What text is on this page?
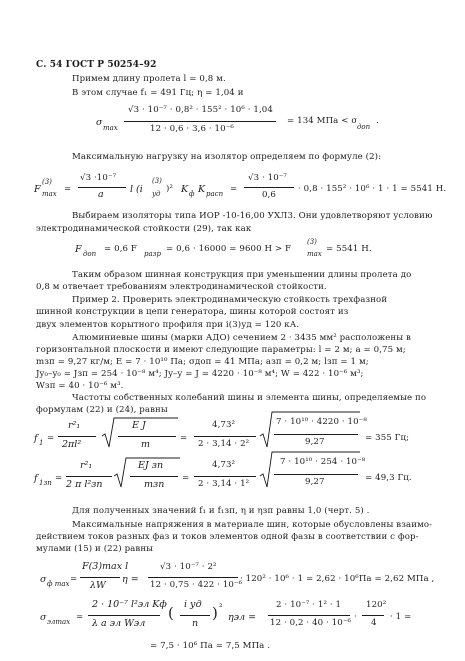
С. 54 ГОСТ Р 50254–92
Примем длину пролета l = 0,8 м.
В этом случае f₁ = 491 Гц; η = 1,04 и
σ max
√3 · 10⁻⁷ · 0,8² · 155² · 10⁶ · 1,04
12 · 0,6 · 3,6 · 10⁻⁶
= 134 МПа < σ
доп
.
Максимальную нагрузку на изолятор определяем по формуле (2):
F
(3)
max =
√3 ·10⁻⁷
a	l (i
(3)
уд )² K ф K расп =
√3 · 10⁻⁷
0,6
· 0,8 · 155² · 10⁶ · 1 · 1 = 5541 Н.
Выбираем изоляторы типа ИОР -10-16,00 УХЛ3. Они удовлетворяют условию
электродинамической стойкости (29), так как
F доп = 0,6 F разр = 0,6 · 16000 = 9600 Н > F
(3)
max = 5541 Н.
Таким образом шинная конструкция при уменьшении длины пролета до
0,8 м отвечает требованиям электродинамической стойкости.
Пример 2. Проверить электродинамическую стойкость трехфазной
шинной конструкции в цепи генератора, шины которой состоят из
двух элементов корытного профиля при i(3)уд = 120 кА.
Алюминиевые шины (марки АДО) сечением 2 · 3435 мм² расположены в
горизонтальной плоскости и имеют следующие параметры: l = 2 м; a = 0,75 м;
mзп = 9,27 кг/м; E = 7 · 10¹⁰ Па; σдоп = 41 МПа; aзп = 0,2 м; lзп = 1 м;
Jy₀–y₀ = Jзп = 254 · 10⁻⁸ м⁴; Jy–y = J = 4220 · 10⁻⁸ м⁴; W = 422 · 10⁻⁶ м³;
Wзп = 40 · 10⁻⁶ м³.
Частоты собственных колебаний шины и элемента шины, определяемые по
формулам (22) и (24), равны
f 1 =
r²₁
2πl²
E J
m
=
4,73²
2 · 3,14 · 2²
7 · 10¹⁰ · 4220 · 10⁻⁸
9,27	= 355 Гц;
f 1зп =
r²₁
2 π l²зп
EJ зп
mзп
=
4,73²
2 · 3,14 · 1²
7 · 10¹⁰ · 254 · 10⁻⁸
9,27	= 49,3 Гц.
Для полученных значений f₁ и f₁зп, η и ηзп равны 1,0 (черт. 5) .
Максимальные напряжения в материале шин, которые обусловлены взаимо-
действием токов разных фаз и токов элементов одной фазы в соответствии с фор-
мулами (15) и (22) равны
σ ф max =
F(3)max l
λW
η =
√3 · 10⁻⁷ · 2²
12 · 0,75 · 422 · 10⁻⁶
· 120² · 10⁶ · 1 = 2,62 · 10⁶Па = 2,62 МПа ,
σ элmax =
2 · 10⁻⁷ l²эл Kф
λ a эл Wэл
( i уд
n
) ²
ηэл =
2 · 10⁻⁷ · 1² · 1
12 · 0,2 · 40 · 10⁻⁶
·
120²
4
· 1 =
= 7,5 · 10⁶ Па = 7,5 МПа .
